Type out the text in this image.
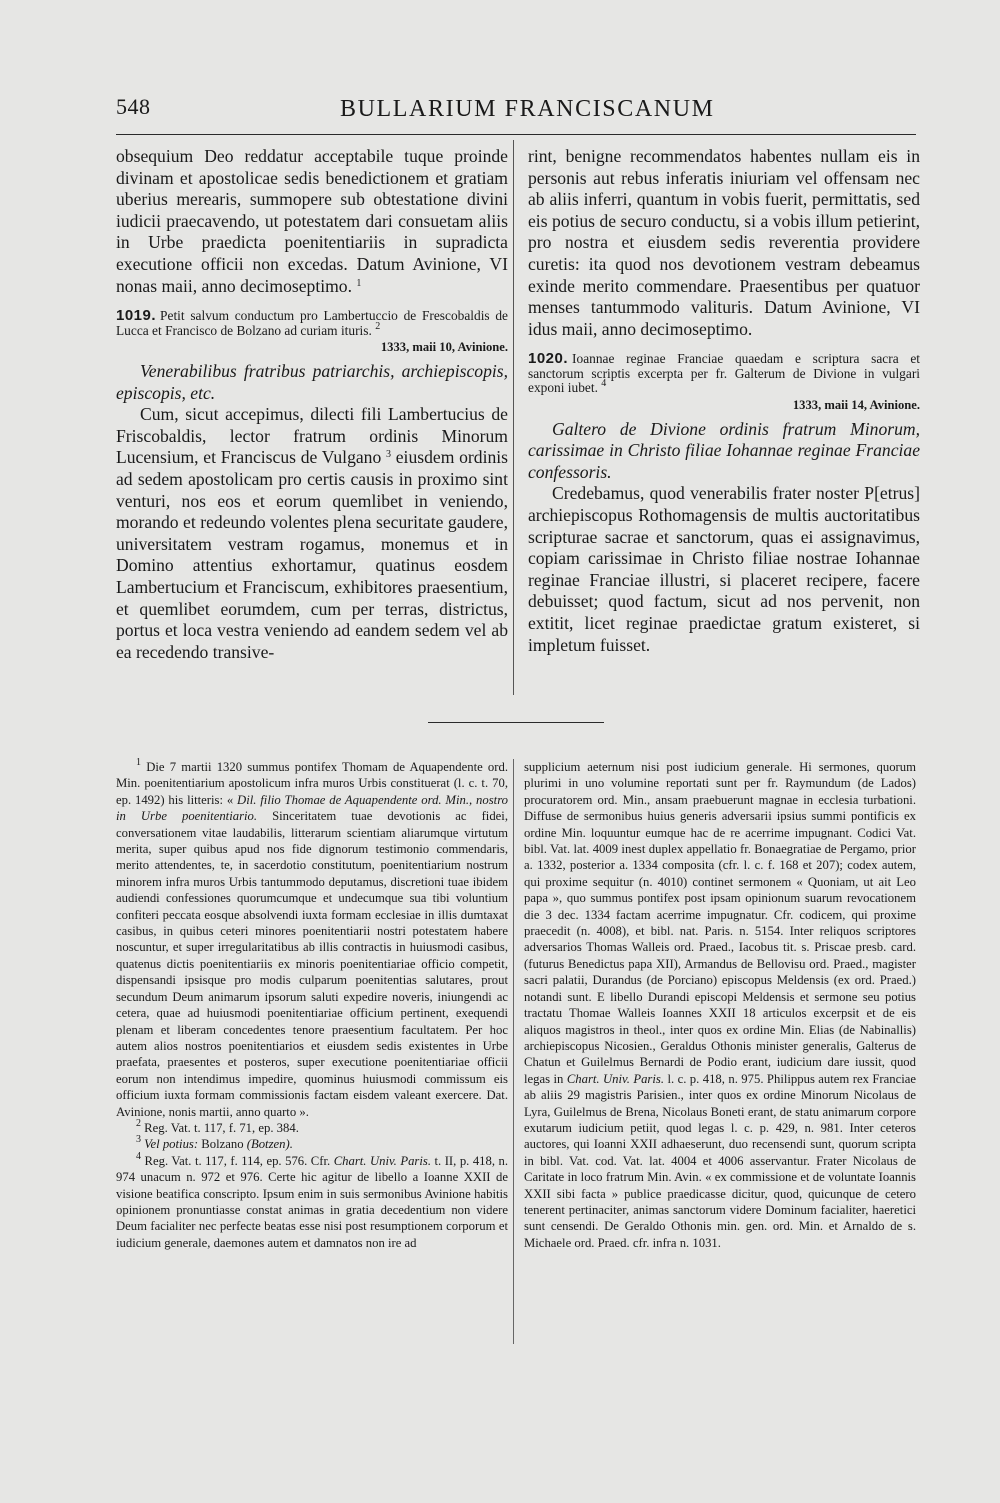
548	BULLARIUM FRANCISCANUM

obsequium Deo reddatur acceptabile tuque proinde divinam et apostolicae sedis benedictionem et gratiam uberius merearis, summopere sub obtestatione divini iudicii praecavendo, ut potestatem dari consuetam aliis in Urbe praedicta poenitentiariis in supradicta executione officii non excedas. Datum Avinione, VI nonas maii, anno decimoseptimo. $^1$

1019. Petit salvum conductum pro Lambertuccio de Frescobaldis de Lucca et Francisco de Bolzano ad curiam ituris. $^2$

1333, maii 10, Avinione.

Venerabilibus fratribus patriarchis, archiepiscopis, episcopis, etc.

Cum, sicut accepimus, dilecti fili Lambertucius de Friscobaldis, lector fratrum ordinis Minorum Lucensium, et Franciscus de Vulgano $^3$ eiusdem ordinis ad sedem apostolicam pro certis causis in proximo sint venturi, nos eos et eorum quemlibet in veniendo, morando et redeundo volentes plena securitate gaudere, universitatem vestram rogamus, monemus et in Domino attentius exhortamur, quatinus eosdem Lambertucium et Franciscum, exhibitores praesentium, et quemlibet eorumdem, cum per terras, districtus, portus et loca vestra veniendo ad eandem sedem vel ab ea recedendo transive-

rint, benigne recommendatos habentes nullam eis in personis aut rebus inferatis iniuriam vel offensam nec ab aliis inferri, quantum in vobis fuerit, permittatis, sed eis potius de securo conductu, si a vobis illum petierint, pro nostra et eiusdem sedis reverentia providere curetis: ita quod nos devotionem vestram debeamus exinde merito commendare. Praesentibus per quatuor menses tantummodo valituris. Datum Avinione, VI idus maii, anno decimoseptimo.

1020. Ioannae reginae Franciae quaedam e scriptura sacra et sanctorum scriptis excerpta per fr. Galterum de Divione in vulgari exponi iubet. $^4$

1333, maii 14, Avinione.

Galtero de Divione ordinis fratrum Minorum, carissimae in Christo filiae Iohannae reginae Franciae confessoris.

Credebamus, quod venerabilis frater noster P[etrus] archiepiscopus Rothomagensis de multis auctoritatibus scripturae sacrae et sanctorum, quas ei assignavimus, copiam carissimae in Christo filiae nostrae Iohannae reginae Franciae illustri, si placeret recipere, facere debuisset; quod factum, sicut ad nos pervenit, non extitit, licet reginae praedictae gratum existeret, si impletum fuisset.

$^1$ Die 7 martii 1320 summus pontifex Thomam de Aquapendente ord. Min. poenitentiarium apostolicum infra muros Urbis constituerat (l. c. t. 70, ep. 1492) his litteris: « Dil. filio Thomae de Aquapendente ord. Min., nostro in Urbe poenitentiario. Sinceritatem tuae devotionis ac fidei, conversationem vitae laudabilis, litterarum scientiam aliarumque virtutum merita, super quibus apud nos fide dignorum testimonio commendaris, merito attendentes, te, in sacerdotio constitutum, poenitentiarium nostrum minorem infra muros Urbis tantummodo deputamus, discretioni tuae ibidem audiendi confessiones quorumcumque et undecumque sua tibi voluntium confiteri peccata eosque absolvendi iuxta formam ecclesiae in illis dumtaxat casibus, in quibus ceteri minores poenitentiarii nostri potestatem habere noscuntur, et super irregularitatibus ab illis contractis in huiusmodi casibus, quatenus dictis poenitentiariis ex minoris poenitentiariae officio competit, dispensandi ipsisque pro modis culparum poenitentias salutares, prout secundum Deum animarum ipsorum saluti expedire noveris, iniungendi ac cetera, quae ad huiusmodi poenitentiariae officium pertinent, exequendi plenam et liberam concedentes tenore praesentium facultatem. Per hoc autem alios nostros poenitentiarios et eiusdem sedis existentes in Urbe praefata, praesentes et posteros, super executione poenitentiariae officii eorum non intendimus impedire, quominus huiusmodi commissum eis officium iuxta formam commissionis factam eisdem valeant exercere. Dat. Avinione, nonis martii, anno quarto ».

$^2$ Reg. Vat. t. 117, f. 71, ep. 384.

$^3$ Vel potius: Bolzano (Botzen).

$^4$ Reg. Vat. t. 117, f. 114, ep. 576. Cfr. Chart. Univ. Paris. t. II, p. 418, n. 974 unacum n. 972 et 976. Certe hic agitur de libello a Ioanne XXII de visione beatifica conscripto. Ipsum enim in suis sermonibus Avinione habitis opinionem pronuntiasse constat animas in gratia decedentium non videre Deum facialiter nec perfecte beatas esse nisi post resumptionem corporum et iudicium generale, daemones autem et damnatos non ire ad

supplicium aeternum nisi post iudicium generale. Hi sermones, quorum plurimi in uno volumine reportati sunt per fr. Raymundum (de Lados) procuratorem ord. Min., ansam praebuerunt magnae in ecclesia turbationi. Diffuse de sermonibus huius generis adversarii ipsius summi pontificis ex ordine Min. loquuntur eumque hac de re acerrime impugnant. Codici Vat. bibl. Vat. lat. 4009 inest duplex appellatio fr. Bonaegratiae de Pergamo, prior a. 1332, posterior a. 1334 composita (cfr. l. c. f. 168 et 207); codex autem, qui proxime sequitur (n. 4010) continet sermonem « Quoniam, ut ait Leo papa », quo summus pontifex post ipsam opinionum suarum revocationem die 3 dec. 1334 factam acerrime impugnatur. Cfr. codicem, qui proxime praecedit (n. 4008), et bibl. nat. Paris. n. 5154. Inter reliquos scriptores adversarios Thomas Walleis ord. Praed., Iacobus tit. s. Priscae presb. card. (futurus Benedictus papa XII), Armandus de Bellovisu ord. Praed., magister sacri palatii, Durandus (de Porciano) episcopus Meldensis (ex ord. Praed.) notandi sunt. E libello Durandi episcopi Meldensis et sermone seu potius tractatu Thomae Walleis Ioannes XXII 18 articulos excerpsit et de eis aliquos magistros in theol., inter quos ex ordine Min. Elias (de Nabinallis) archiepiscopus Nicosien., Geraldus Othonis minister generalis, Galterus de Chatun et Guilelmus Bernardi de Podio erant, iudicium dare iussit, quod legas in Chart. Univ. Paris. l. c. p. 418, n. 975. Philippus autem rex Franciae ab aliis 29 magistris Parisien., inter quos ex ordine Minorum Nicolaus de Lyra, Guilelmus de Brena, Nicolaus Boneti erant, de statu animarum corpore exutarum iudicium petiit, quod legas l. c. p. 429, n. 981. Inter ceteros auctores, qui Ioanni XXII adhaeserunt, duo recensendi sunt, quorum scripta in bibl. Vat. cod. Vat. lat. 4004 et 4006 asservantur. Frater Nicolaus de Caritate in loco fratrum Min. Avin. « ex commissione et de voluntate Ioannis XXII sibi facta » publice praedicasse dicitur, quod, quicunque de cetero tenerent pertinaciter, animas sanctorum videre Dominum facialiter, haeretici sunt censendi. De Geraldo Othonis min. gen. ord. Min. et Arnaldo de s. Michaele ord. Praed. cfr. infra n. 1031.
